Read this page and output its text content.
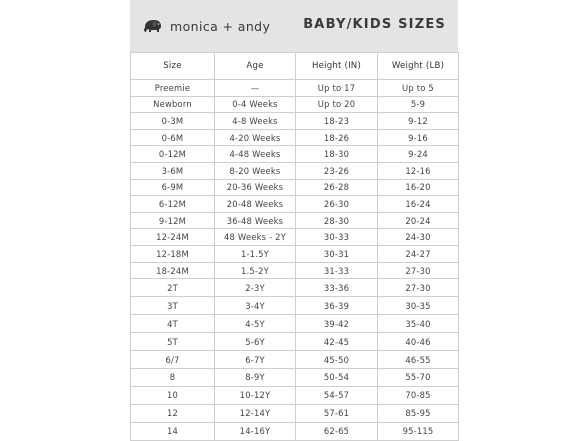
monica + andy	BABY/KIDS SIZES
Size	Age	Height (IN)	Weight (LB)
Preemie	—	Up to 17	Up to 5
Newborn	0-4 Weeks	Up to 20	5-9
0-3M	4-8 Weeks	18-23	9-12
0-6M	4-20 Weeks	18-26	9-16
0-12M	4-48 Weeks	18-30	9-24
3-6M	8-20 Weeks	23-26	12-16
6-9M	20-36 Weeks	26-28	16-20
6-12M	20-48 Weeks	26-30	16-24
9-12M	36-48 Weeks	28-30	20-24
12-24M	48 Weeks - 2Y	30-33	24-30
12-18M	1-1.5Y	30-31	24-27
18-24M	1.5-2Y	31-33	27-30
2T	2-3Y	33-36	27-30
3T	3-4Y	36-39	30-35
4T	4-5Y	39-42	35-40
5T	5-6Y	42-45	40-46
6/7	6-7Y	45-50	46-55
8	8-9Y	50-54	55-70
10	10-12Y	54-57	70-85
12	12-14Y	57-61	85-95
14	14-16Y	62-65	95-115
